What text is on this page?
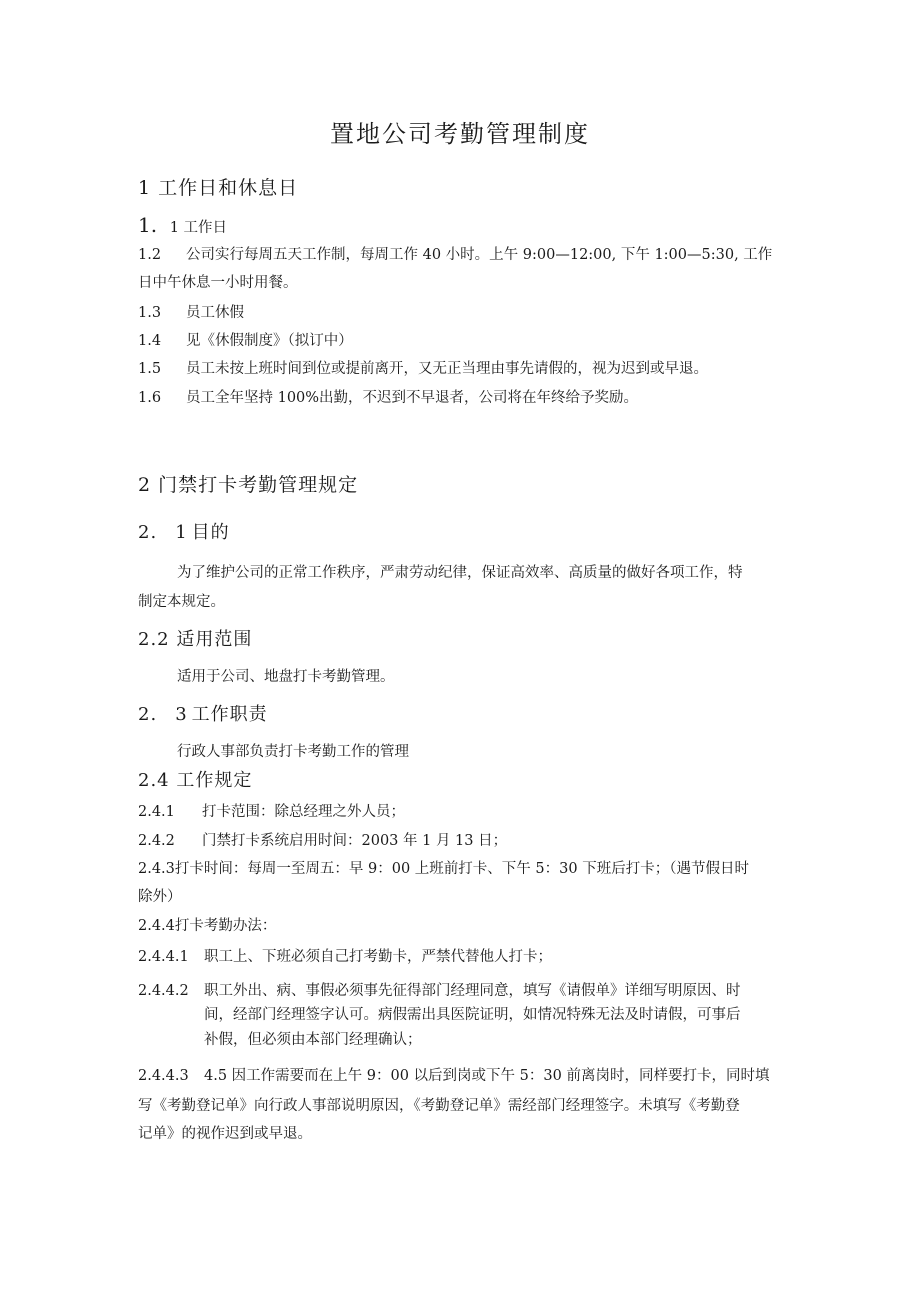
置地公司考勤管理制度
1 工作日和休息日
1. 1 工作日
1.2 公司实行每周五天工作制，每周工作 40 小时。上午 9:00—12:00, 下午 1:00—5:30, 工作
日中午休息一小时用餐。
1.3 员工休假
1.4 见《休假制度》（拟订中）
1.5 员工未按上班时间到位或提前离开，又无正当理由事先请假的，视为迟到或早退。
1.6 员工全年坚持 100%出勤，不迟到不早退者，公司将在年终给予奖励。
2 门禁打卡考勤管理规定
2. 1 目的
为了维护公司的正常工作秩序，严肃劳动纪律，保证高效率、高质量的做好各项工作，特
制定本规定。
2.2 适用范围
适用于公司、地盘打卡考勤管理。
2. 3 工作职责
行政人事部负责打卡考勤工作的管理
2.4 工作规定
2.4.1 打卡范围：除总经理之外人员；
2.4.2 门禁打卡系统启用时间：2003 年 1 月 13 日；
2.4.3打卡时间：每周一至周五：早 9：00 上班前打卡、下午 5：30 下班后打卡；（遇节假日时
除外）
2.4.4打卡考勤办法：
2.4.4.1 职工上、下班必须自己打考勤卡，严禁代替他人打卡；
2.4.4.2 职工外出、病、事假必须事先征得部门经理同意，填写《请假单》详细写明原因、时
间，经部门经理签字认可。病假需出具医院证明，如情况特殊无法及时请假，可事后
补假，但必须由本部门经理确认；
2.4.4.3 4.5 因工作需要而在上午 9：00 以后到岗或下午 5：30 前离岗时，同样要打卡，同时填
写《考勤登记单》向行政人事部说明原因，《考勤登记单》需经部门经理签字。未填写《考勤登
记单》的视作迟到或早退。
